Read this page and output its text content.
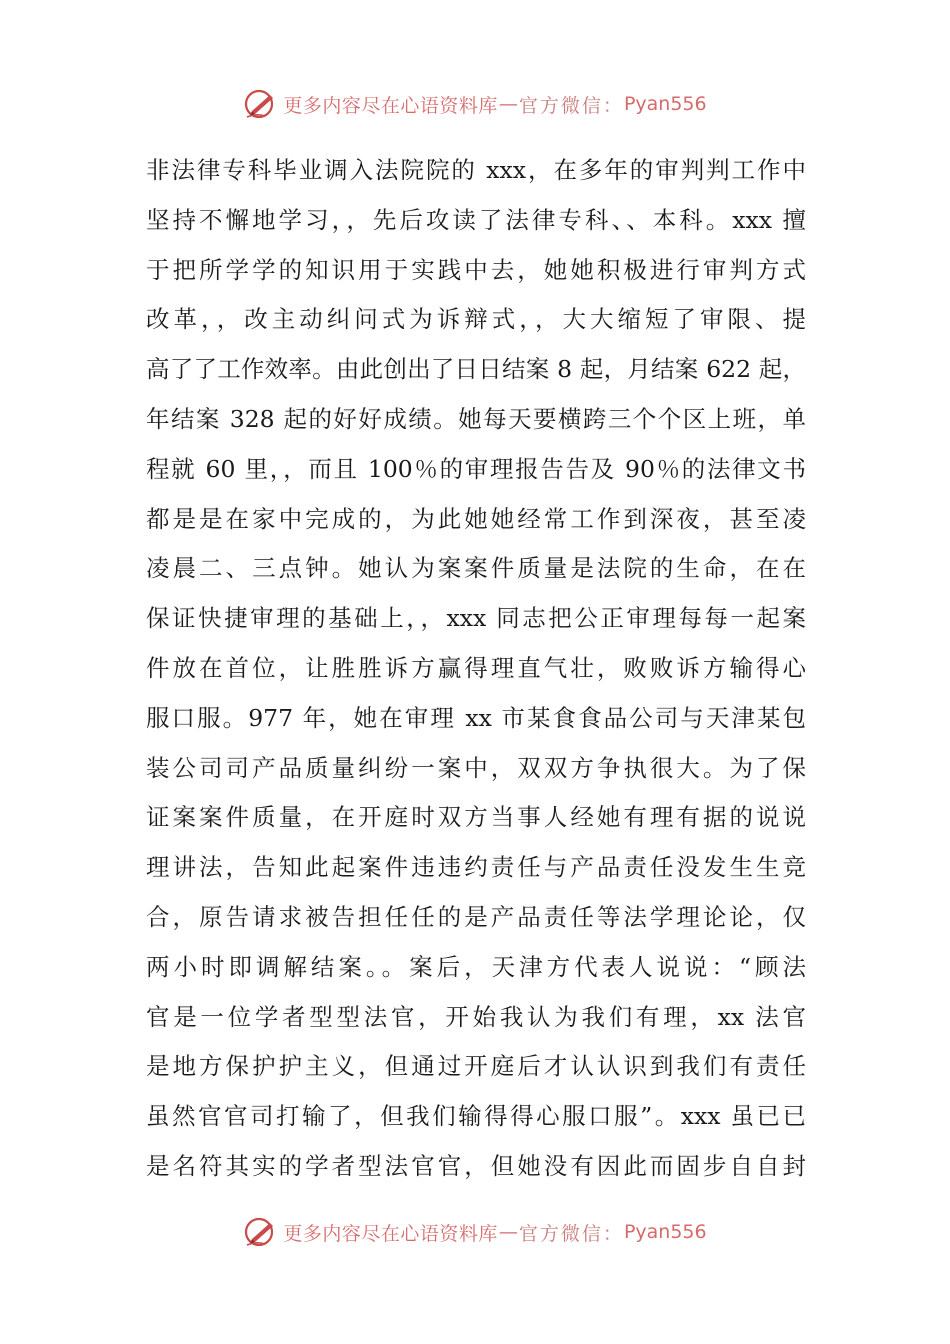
更多内容尽在心语资料库 — 官方微信： Pyan556
非法律专科毕业调入法院院的 xxx，在多年的审判判工作中
坚持不懈地学习，，先后攻读了法律专科、、本科。xxx 擅
于把所学学的知识用于实践中去，她她积极进行审判方式
改革，，改主动纠问式为诉辩式，，大大缩短了审限、提
高了了工作效率。由此创出了日日结案 8 起，月结案 622 起，
年结案 328 起的好好成绩。她每天要横跨三个个区上班，单
程就 60 里，，而且 100％的审理报告告及 90％的法律文书
都是是在家中完成的，为此她她经常工作到深夜，甚至凌
凌晨二、三点钟。她认为案案件质量是法院的生命，在在
保证快捷审理的基础上，，xxx 同志把公正审理每每一起案
件放在首位，让胜胜诉方赢得理直气壮，败败诉方输得心
服口服。977 年，她在审理 xx 市某食食品公司与天津某包
装公司司产品质量纠纷一案中，双双方争执很大。为了保
证案案件质量，在开庭时双方当事人经她有理有据的说说
理讲法，告知此起案件违违约责任与产品责任没发生生竞
合，原告请求被告担任任的是产品责任等法学理论论，仅
两小时即调解结案。。案后，天津方代表人说说：“顾法
官是一位学者型型法官，开始我认为我们有理，xx 法官
是地方保护护主义，但通过开庭后才认认识到我们有责任
虽然官官司打输了，但我们输得得心服口服”。xxx 虽已已
是名符其实的学者型法官官，但她没有因此而固步自自封
更多内容尽在心语资料库 — 官方微信： Pyan556
